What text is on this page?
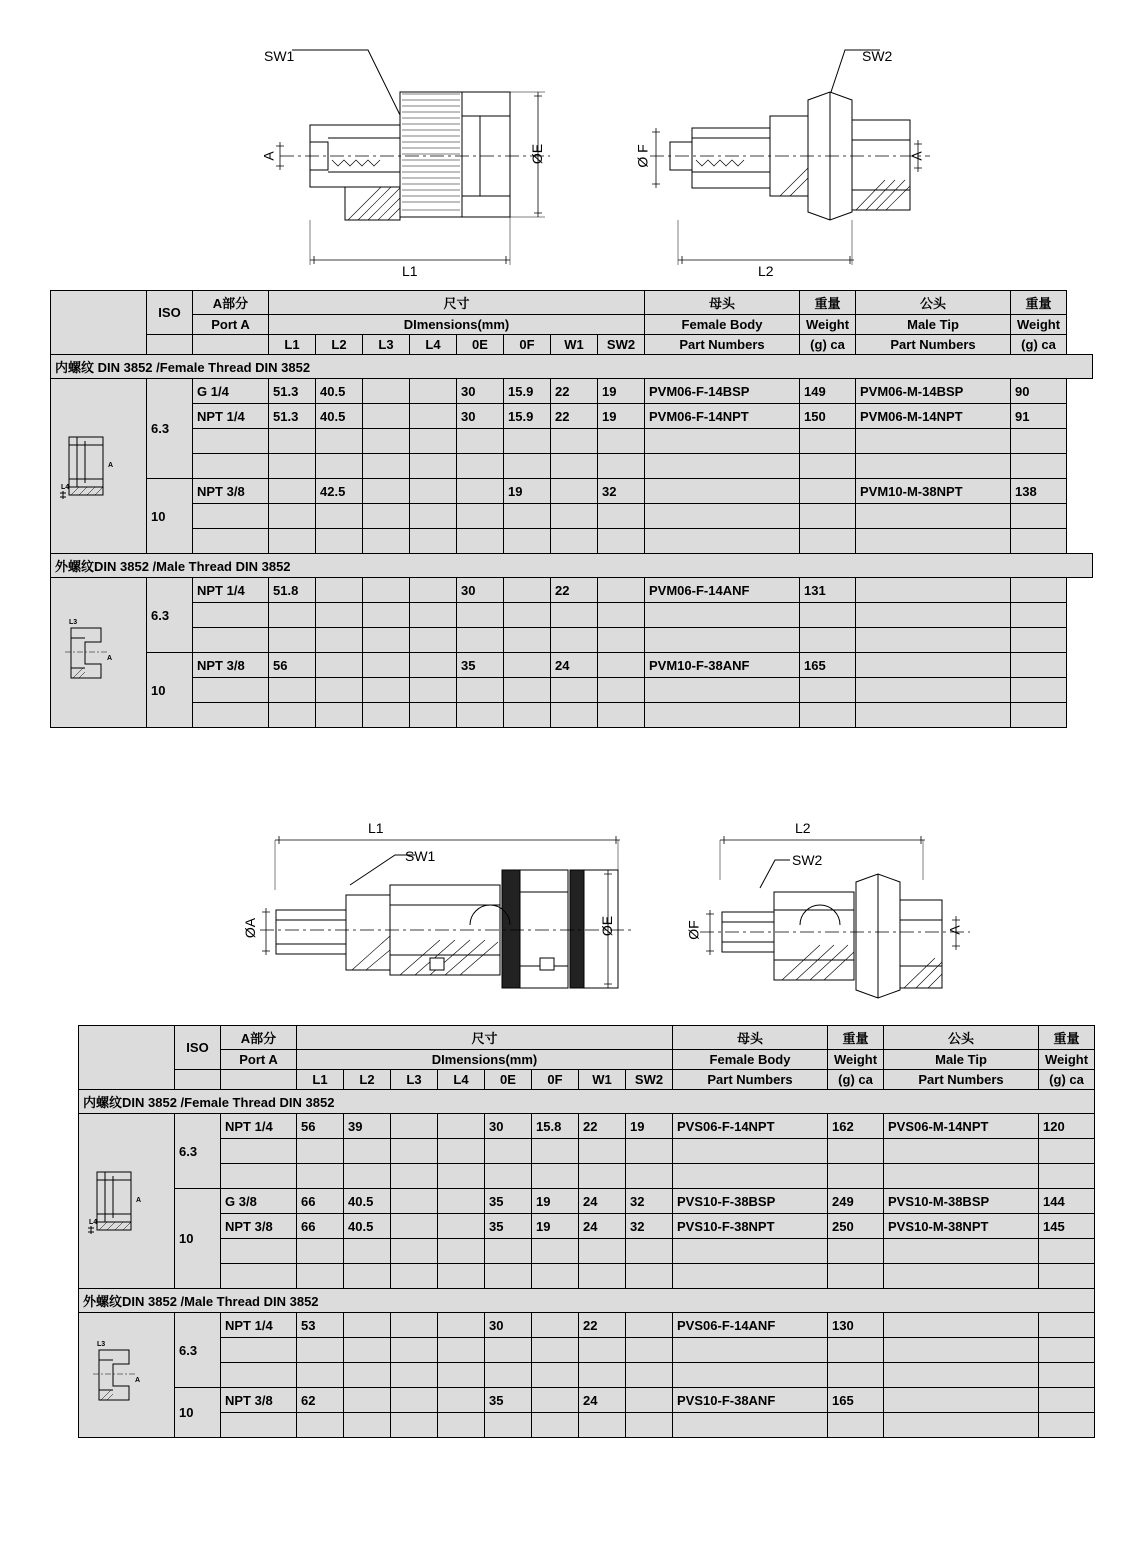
SW1
A	ØE
L1
SW2
Ø F	A
L2
	ISO	A部分	尺寸								母头	重量	公头	重量
		Port A	DImensions(mm)								Female Body	Weight	Male Tip	Weight
			L1	L2	L3	L4	0E	0F	W1	SW2	Part Numbers	(g) ca	Part Numbers	(g) ca
内螺纹 DIN 3852 /Female Thread DIN 3852														

L4
A	6.3	G 1/4	51.3	40.5			30	15.9	22	19	PVM06-F-14BSP	149	PVM06-M-14BSP	90
		NPT 1/4	51.3	40.5			30	15.9	22	19	PVM06-F-14NPT	150	PVM06-M-14NPT	91

	10	NPT 3/8		42.5				19		32			PVM10-M-38NPT	138

外螺纹DIN 3852 /Male Thread DIN 3852														

L3
A	6.3	NPT 1/4	51.8				30		22		PVM06-F-14ANF	131		

	10	NPT 3/8	56				35		24		PVM10-F-38ANF	165		

L1
SW1
ØE
ØA
L2
SW2
ØF	A
	ISO	A部分	尺寸								母头	重量	公头	重量
		Port A	DImensions(mm)								Female Body	Weight	Male Tip	Weight
			L1	L2	L3	L4	0E	0F	W1	SW2	Part Numbers	(g) ca	Part Numbers	(g) ca
内螺纹DIN 3852 /Female Thread DIN 3852														

L4
A	6.3	NPT 1/4	56	39			30	15.8	22	19	PVS06-F-14NPT	162	PVS06-M-14NPT	120

	10	G 3/8	66	40.5			35	19	24	32	PVS10-F-38BSP	249	PVS10-M-38BSP	144
		NPT 3/8	66	40.5			35	19	24	32	PVS10-F-38NPT	250	PVS10-M-38NPT	145

外螺纹DIN 3852 /Male Thread DIN 3852														

L3
A	6.3	NPT 1/4	53				30		22		PVS06-F-14ANF	130		

	10	NPT 3/8	62				35		24		PVS10-F-38ANF	165		
